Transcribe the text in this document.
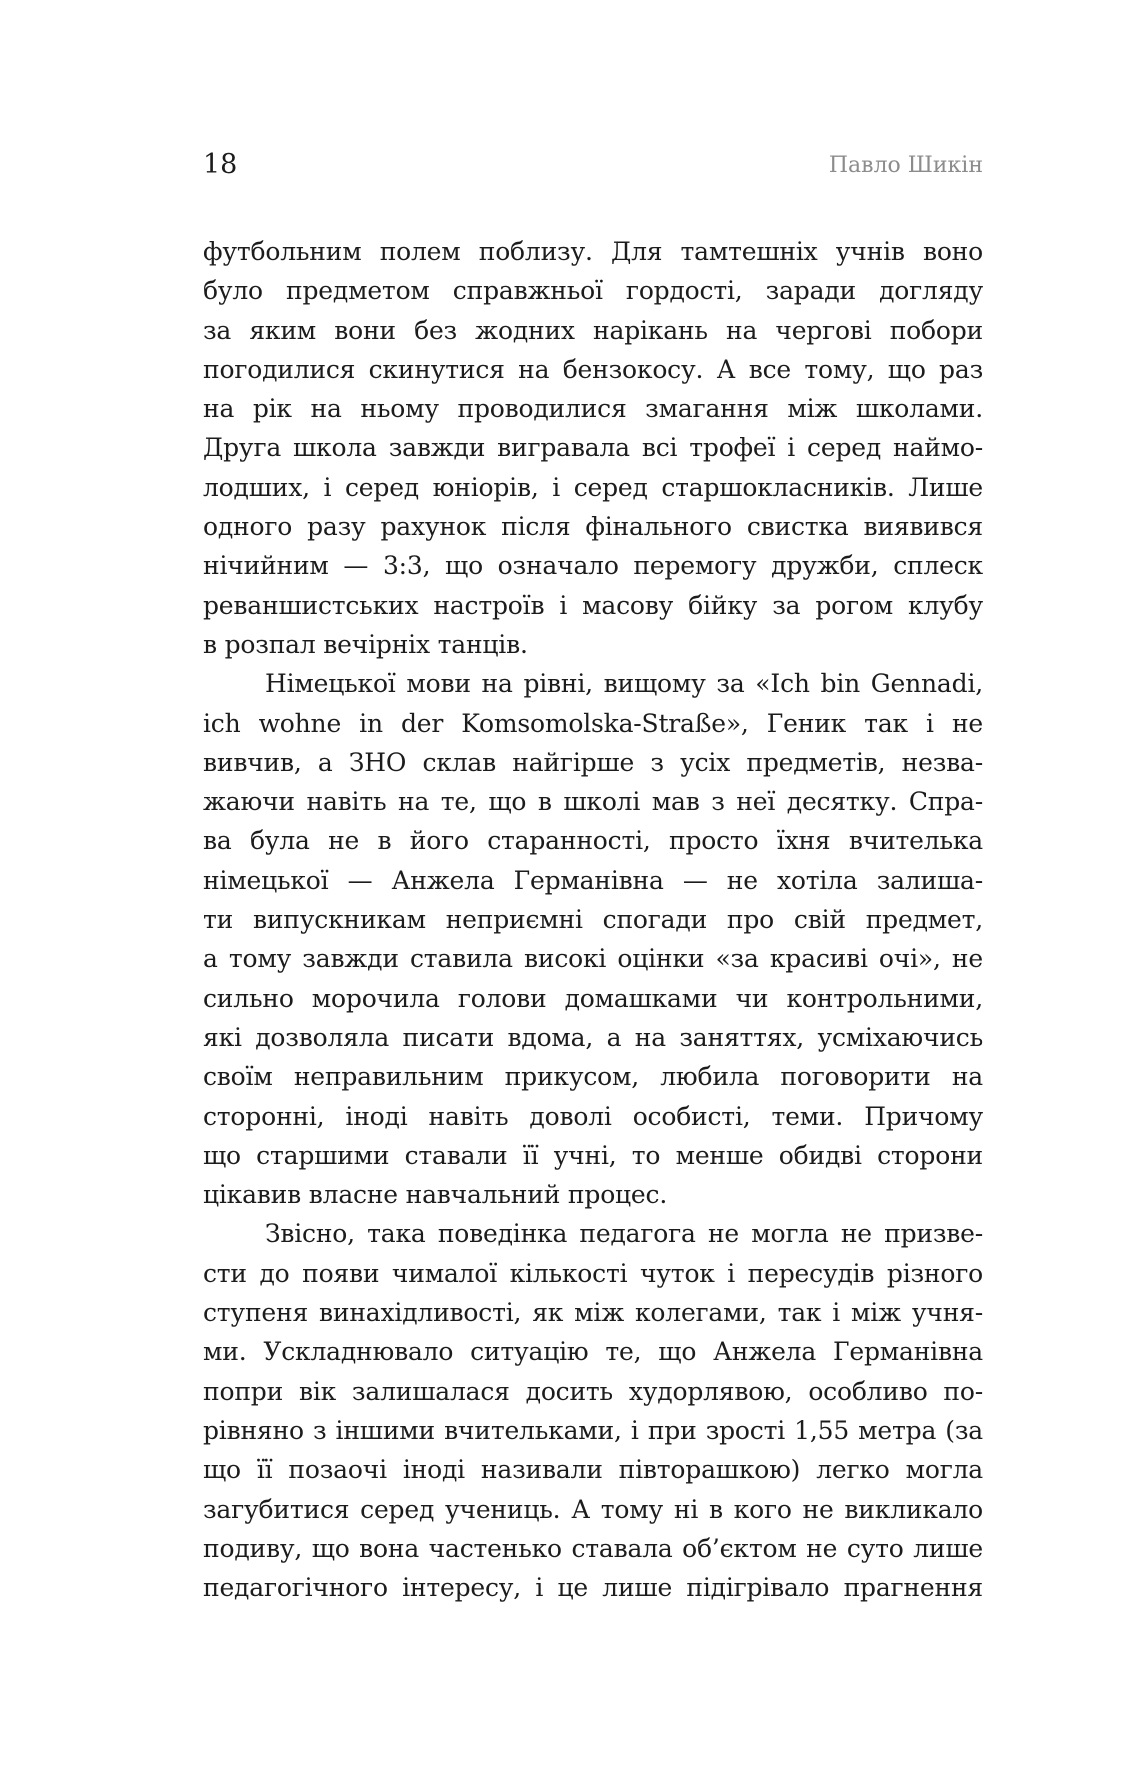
18	Павло Шикін
футбольним полем поблизу. Для тамтешніх учнів воно
було предметом справжньої гордості, заради догляду
за яким вони без жодних нарікань на чергові побори
погодилися скинутися на бензокосу. А все тому, що раз
на рік на ньому проводилися змагання між школами.
Друга школа завжди вигравала всі трофеї і серед наймо-
лодших, і серед юніорів, і серед старшокласників. Лише
одного разу рахунок після фінального свистка виявився
нічийним — 3:3, що означало перемогу дружби, сплеск
реваншистських настроїв і масову бійку за рогом клубу
в розпал вечірніх танців.
Німецької мови на рівні, вищому за «Ich bin Gennadi,
ich wohne in der Komsomolska-Straße», Геник так і не
вивчив, а ЗНО склав найгірше з усіх предметів, незва-
жаючи навіть на те, що в школі мав з неї десятку. Спра-
ва була не в його старанності, просто їхня вчителька
німецької — Анжела Германівна — не хотіла залиша-
ти випускникам неприємні спогади про свій предмет,
а тому завжди ставила високі оцінки «за красиві очі», не
сильно морочила голови домашками чи контрольними,
які дозволяла писати вдома, а на заняттях, усміхаючись
своїм неправильним прикусом, любила поговорити на
сторонні, іноді навіть доволі особисті, теми. Причому
що старшими ставали її учні, то менше обидві сторони
цікавив власне навчальний процес.
Звісно, така поведінка педагога не могла не призве-
сти до появи чималої кількості чуток і пересудів різного
ступеня винахідливості, як між колегами, так і між учня-
ми. Ускладнювало ситуацію те, що Анжела Германівна
попри вік залишалася досить худорлявою, особливо по-
рівняно з іншими вчительками, і при зрості 1,55 метра (за
що її позаочі іноді називали півторашкою) легко могла
загубитися серед учениць. А тому ні в кого не викликало
подиву, що вона частенько ставала об’єктом не суто лише
педагогічного інтересу, і це лише підігрівало прагнення
